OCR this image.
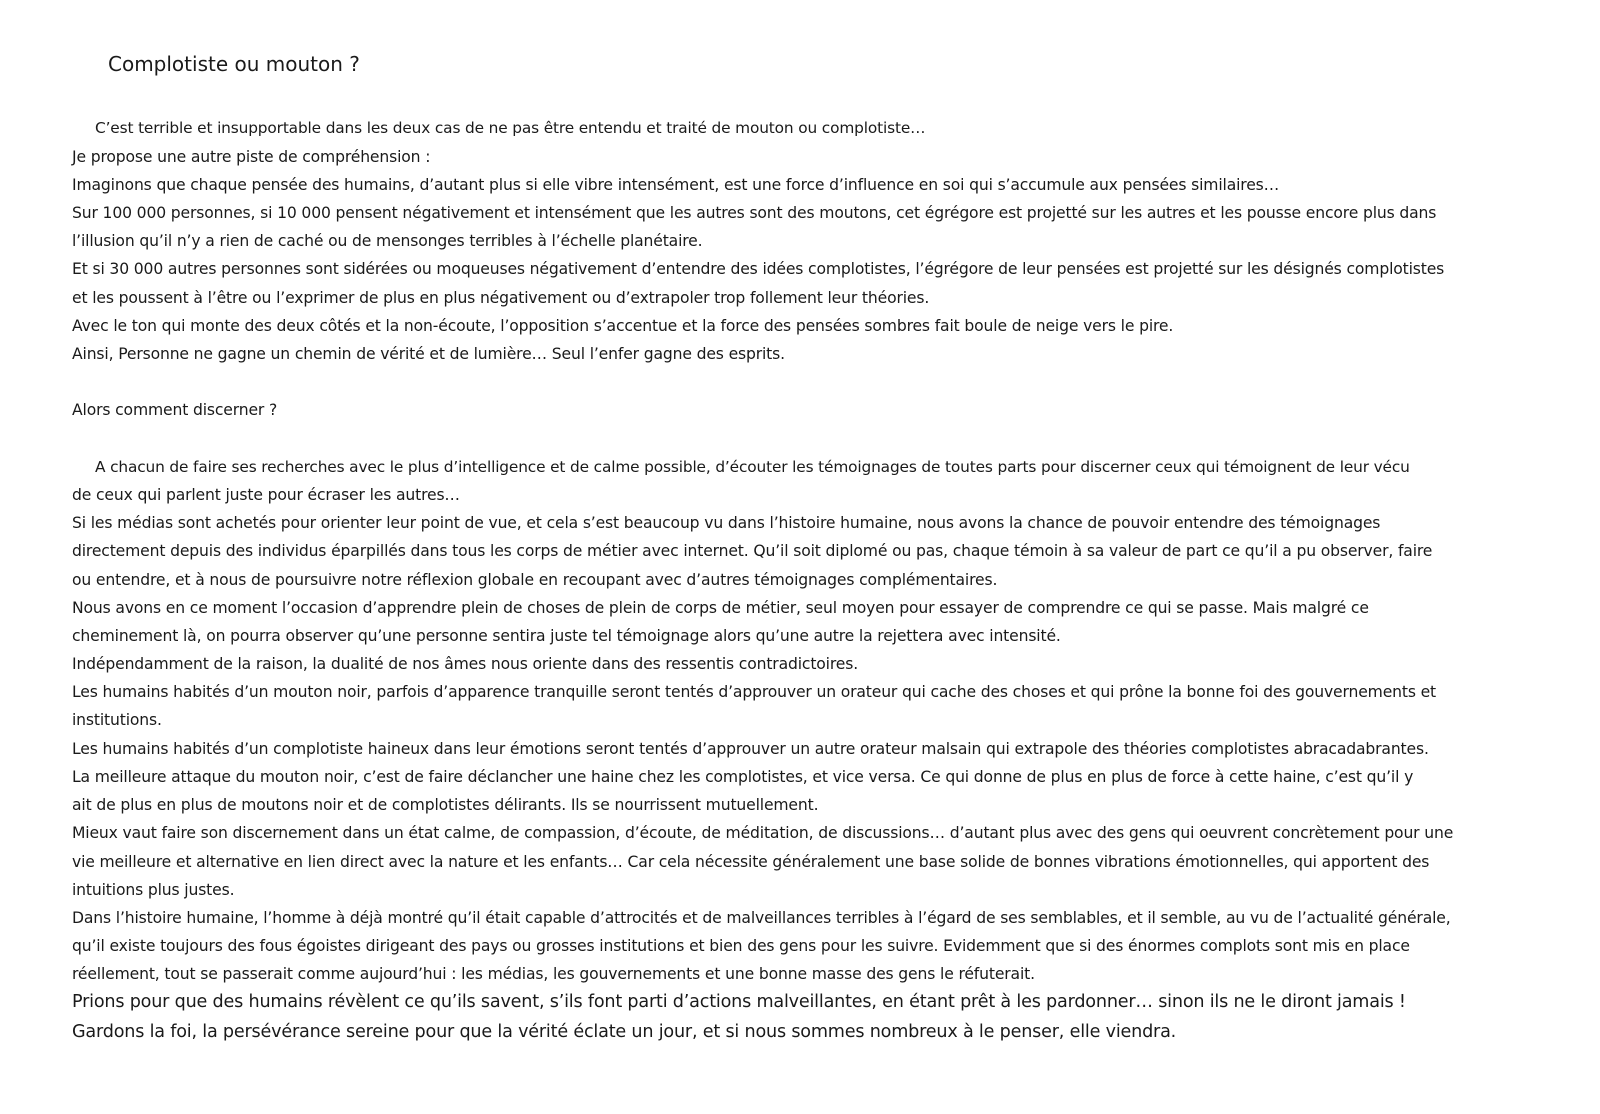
Complotiste ou mouton ?

C’est terrible et insupportable dans les deux cas de ne pas être entendu et traité de mouton ou complotiste…

Je propose une autre piste de compréhension :

Imaginons que chaque pensée des humains, d’autant plus si elle vibre intensément, est une force d’influence en soi qui s’accumule aux pensées similaires…

Sur 100 000 personnes, si 10 000 pensent négativement et intensément que les autres sont des moutons, cet égrégore est projetté sur les autres et les pousse encore plus dans

l’illusion qu’il n’y a rien de caché ou de mensonges terribles à l’échelle planétaire.

Et si 30 000 autres personnes sont sidérées ou moqueuses négativement d’entendre des idées complotistes, l’égrégore de leur pensées est projetté sur les désignés complotistes

et les poussent à l’être ou l’exprimer de plus en plus négativement ou d’extrapoler trop follement leur théories.

Avec le ton qui monte des deux côtés et la non-écoute, l’opposition s’accentue et la force des pensées sombres fait boule de neige vers le pire.

Ainsi, Personne ne gagne un chemin de vérité et de lumière… Seul l’enfer gagne des esprits.

Alors comment discerner ?

A chacun de faire ses recherches avec le plus d’intelligence et de calme possible, d’écouter les témoignages de toutes parts pour discerner ceux qui témoignent de leur vécu

de ceux qui parlent juste pour écraser les autres…

Si les médias sont achetés pour orienter leur point de vue, et cela s’est beaucoup vu dans l’histoire humaine, nous avons la chance de pouvoir entendre des témoignages

directement depuis des individus éparpillés dans tous les corps de métier avec internet. Qu’il soit diplomé ou pas, chaque témoin à sa valeur de part ce qu’il a pu observer, faire

ou entendre, et à nous de poursuivre notre réflexion globale en recoupant avec d’autres témoignages complémentaires.

Nous avons en ce moment l’occasion d’apprendre plein de choses de plein de corps de métier, seul moyen pour essayer de comprendre ce qui se passe. Mais malgré ce

cheminement là, on pourra observer qu’une personne sentira juste tel témoignage alors qu’une autre la rejettera avec intensité.

Indépendamment de la raison, la dualité de nos âmes nous oriente dans des ressentis contradictoires.

Les humains habités d’un mouton noir, parfois d’apparence tranquille seront tentés d’approuver un orateur qui cache des choses et qui prône la bonne foi des gouvernements et

institutions.

Les humains habités d’un complotiste haineux dans leur émotions seront tentés d’approuver un autre orateur malsain qui extrapole des théories complotistes abracadabrantes.

La meilleure attaque du mouton noir, c’est de faire déclancher une haine chez les complotistes, et vice versa. Ce qui donne de plus en plus de force à cette haine, c’est qu’il y

ait de plus en plus de moutons noir et de complotistes délirants. Ils se nourrissent mutuellement.

Mieux vaut faire son discernement dans un état calme, de compassion, d’écoute, de méditation, de discussions… d’autant plus avec des gens qui oeuvrent concrètement pour une

vie meilleure et alternative en lien direct avec la nature et les enfants… Car cela nécessite généralement une base solide de bonnes vibrations émotionnelles, qui apportent des

intuitions plus justes.

Dans l’histoire humaine, l’homme à déjà montré qu’il était capable d’attrocités et de malveillances terribles à l’égard de ses semblables, et il semble, au vu de l’actualité générale,

qu’il existe toujours des fous égoistes dirigeant des pays ou grosses institutions et bien des gens pour les suivre. Evidemment que si des énormes complots sont mis en place

réellement, tout se passerait comme aujourd’hui : les médias, les gouvernements et une bonne masse des gens le réfuterait.

Prions pour que des humains révèlent ce qu’ils savent, s’ils font parti d’actions malveillantes, en étant prêt à les pardonner… sinon ils ne le diront jamais !

Gardons la foi, la persévérance sereine pour que la vérité éclate un jour, et si nous sommes nombreux à le penser, elle viendra.
